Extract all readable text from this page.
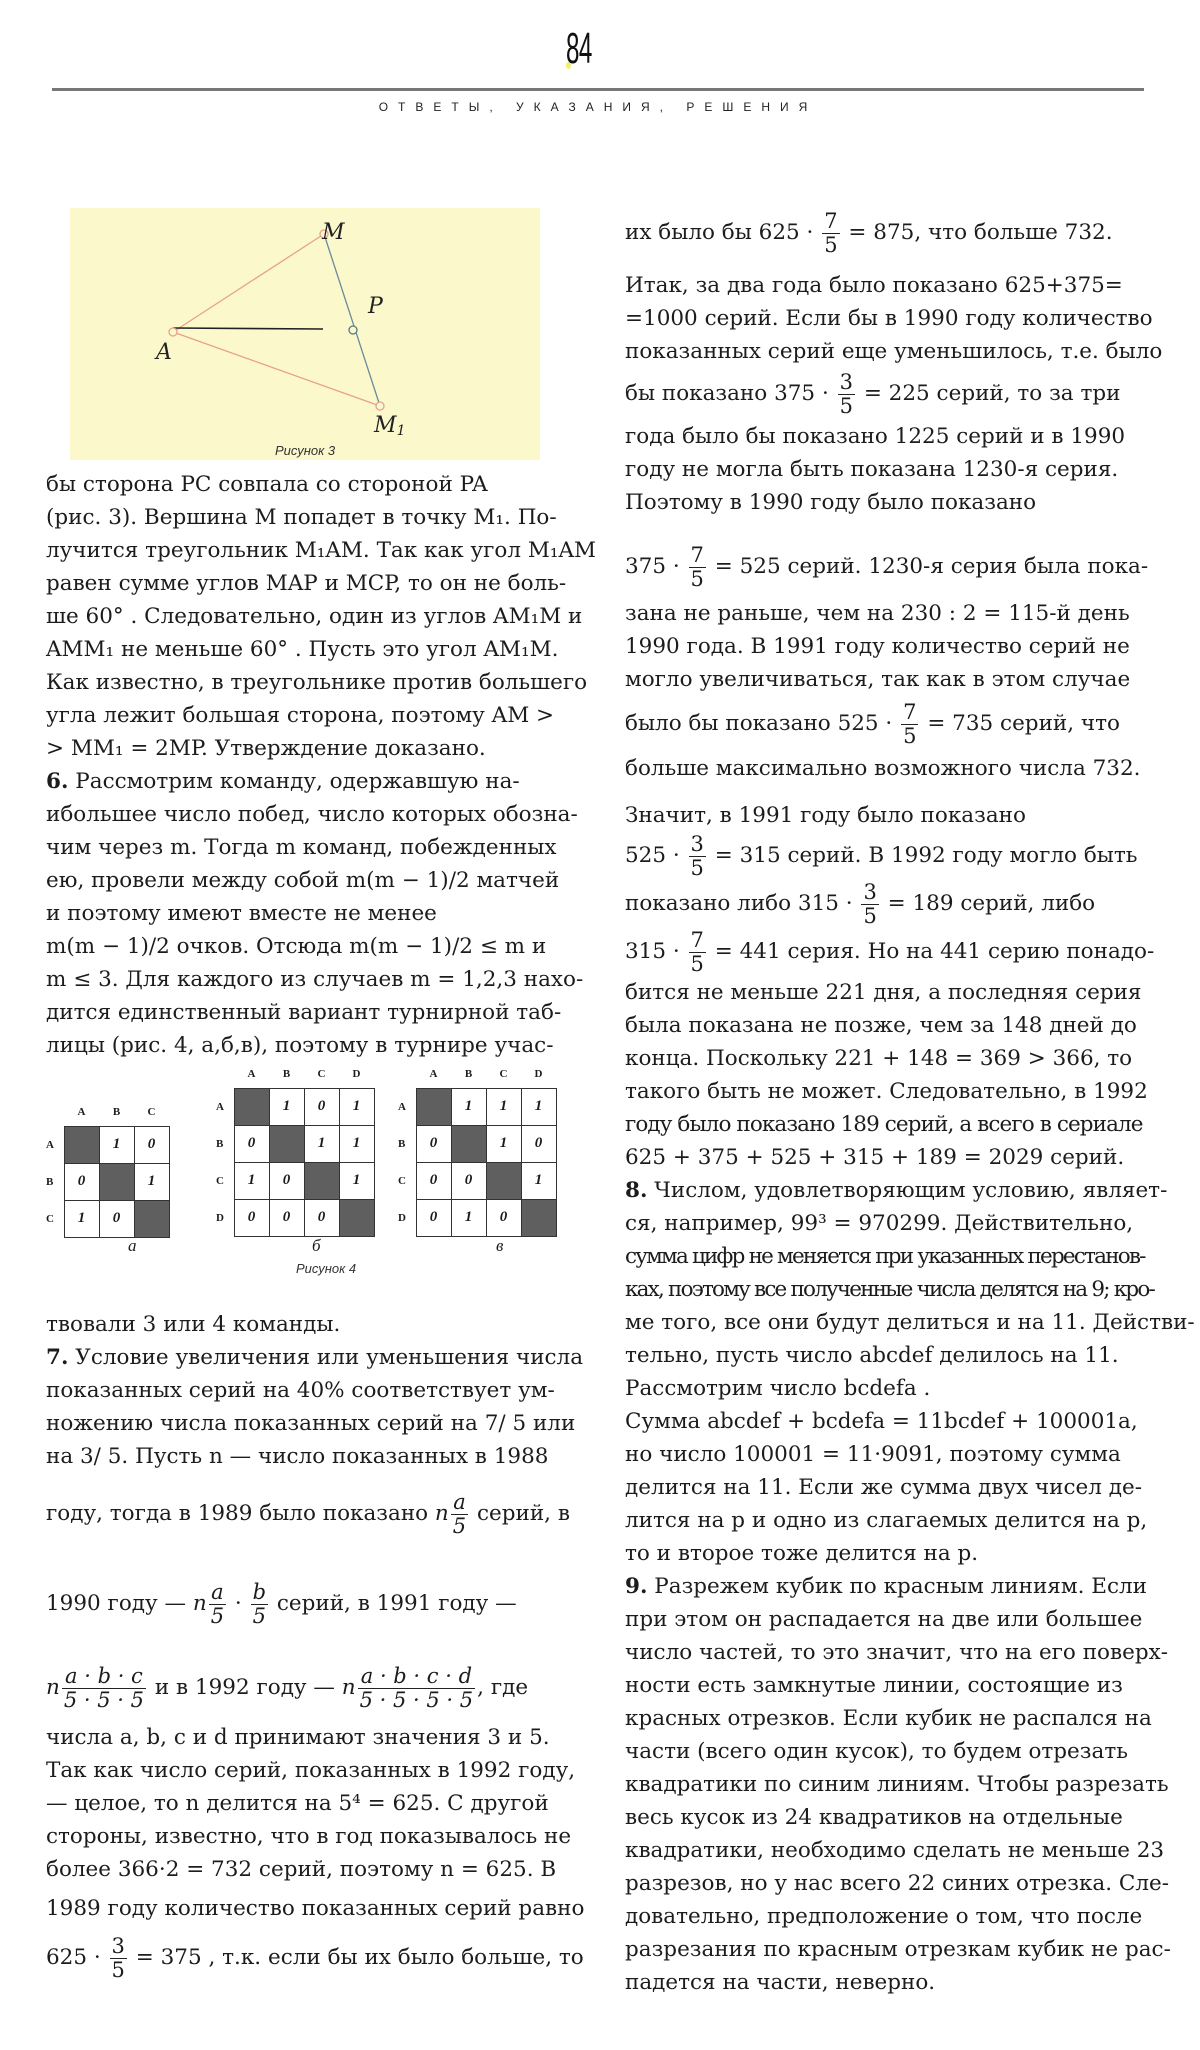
84
ОТВЕТЫ, УКАЗАНИЯ, РЕШЕНИЯ
M
P
A
$M_1$
Рисунок 3
бы сторона PC совпала со стороной PA
(рис. 3). Вершина M попадет в точку M₁. По-
лучится треугольник M₁AM. Так как угол M₁AM
равен сумме углов MAP и MCP, то он не боль-
ше 60° . Следовательно, один из углов AM₁M и
AMM₁ не меньше 60° . Пусть это угол AM₁M.
Как известно, в треугольнике против большего
угла лежит большая сторона, поэтому AM >
> MM₁ = 2MP. Утверждение доказано.
6. Рассмотрим команду, одержавшую на-
ибольшее число побед, число которых обозна-
чим через m. Тогда m команд, побежденных
ею, провели между собой m(m − 1)/2 матчей
и поэтому имеют вместе не менее
m(m − 1)/2 очков. Отсюда m(m − 1)/2 ≤ m и
m ≤ 3. Для каждого из случаев m = 1,2,3 нахо-
дится единственный вариант турнирной таб-
лицы (рис. 4, а,б,в), поэтому в турнире учас-
	A	B	C
A		1	0
B	0		1
C	1	0	
а
	A	B	C	D
A		1	0	1
B	0		1	1
C	1	0		1
D	0	0	0	
б
	A	B	C	D
A		1	1	1
B	0		1	0
C	0	0		1
D	0	1	0	
в
Рисунок 4
твовали 3 или 4 команды.
7. Условие увеличения или уменьшения числа
показанных серий на 40% соответствует ум-
ножению числа показанных серий на 7/ 5 или
на 3/ 5. Пусть n — число показанных в 1988
году, тогда в 1989 было показано n $\frac{a}{5}$ серий, в
1990 году — n $\frac{a}{5} \cdot \frac{b}{5}$ серий, в 1991 году —
n $\frac{a \cdot b \cdot c}{5 \cdot 5 \cdot 5}$ и в 1992 году — n $\frac{a \cdot b \cdot c \cdot d}{5 \cdot 5 \cdot 5 \cdot 5}$ , где
числа a, b, c и d принимают значения 3 и 5.
Так как число серий, показанных в 1992 году,
— целое, то n делится на 5⁴ = 625. С другой
стороны, известно, что в год показывалось не
более 366·2 = 732 серий, поэтому n = 625. В
1989 году количество показанных серий равно
$625 \cdot \frac{3}{5} = 375$ , т.к. если бы их было больше, то
их было бы $625 \cdot \frac{7}{5} = 875$, что больше 732.
Итак, за два года было показано 625+375=
=1000 серий. Если бы в 1990 году количество
показанных серий еще уменьшилось, т.е. было
бы показано $375 \cdot \frac{3}{5} = 225$ серий, то за три
года было бы показано 1225 серий и в 1990
году не могла быть показана 1230-я серия.
Поэтому в 1990 году было показано
$375 \cdot \frac{7}{5} = 525$ серий. 1230-я серия была пока-
зана не раньше, чем на 230 : 2 = 115-й день
1990 года. В 1991 году количество серий не
могло увеличиваться, так как в этом случае
было бы показано $525 \cdot \frac{7}{5} = 735$ серий, что
больше максимально возможного числа 732.
Значит, в 1991 году было показано
$525 \cdot \frac{3}{5} = 315$ серий. В 1992 году могло быть
показано либо $315 \cdot \frac{3}{5} = 189$ серий, либо
$315 \cdot \frac{7}{5} = 441$ серия. Но на 441 серию понадо-
бится не меньше 221 дня, а последняя серия
была показана не позже, чем за 148 дней до
конца. Поскольку 221 + 148 = 369 > 366, то
такого быть не может. Следовательно, в 1992
году было показано 189 серий, а всего в сериале
625 + 375 + 525 + 315 + 189 = 2029 серий.
8. Числом, удовлетворяющим условию, являет-
ся, например, 99³ = 970299. Действительно,
сумма цифр не меняется при указанных перестанов-
ках, поэтому все полученные числа делятся на 9; кро-
ме того, все они будут делиться и на 11. Действи-
тельно, пусть число abcdef делилось на 11.
Рассмотрим число bcdefa .
Сумма abcdef + bcdefa = 11bcdef + 100001a,
но число 100001 = 11·9091, поэтому сумма
делится на 11. Если же сумма двух чисел де-
лится на p и одно из слагаемых делится на p,
то и второе тоже делится на p.
9. Разрежем кубик по красным линиям. Если
при этом он распадается на две или большее
число частей, то это значит, что на его поверх-
ности есть замкнутые линии, состоящие из
красных отрезков. Если кубик не распался на
части (всего один кусок), то будем отрезать
квадратики по синим линиям. Чтобы разрезать
весь кусок из 24 квадратиков на отдельные
квадратики, необходимо сделать не меньше 23
разрезов, но у нас всего 22 синих отрезка. Сле-
довательно, предположение о том, что после
разрезания по красным отрезкам кубик не рас-
падется на части, неверно.
